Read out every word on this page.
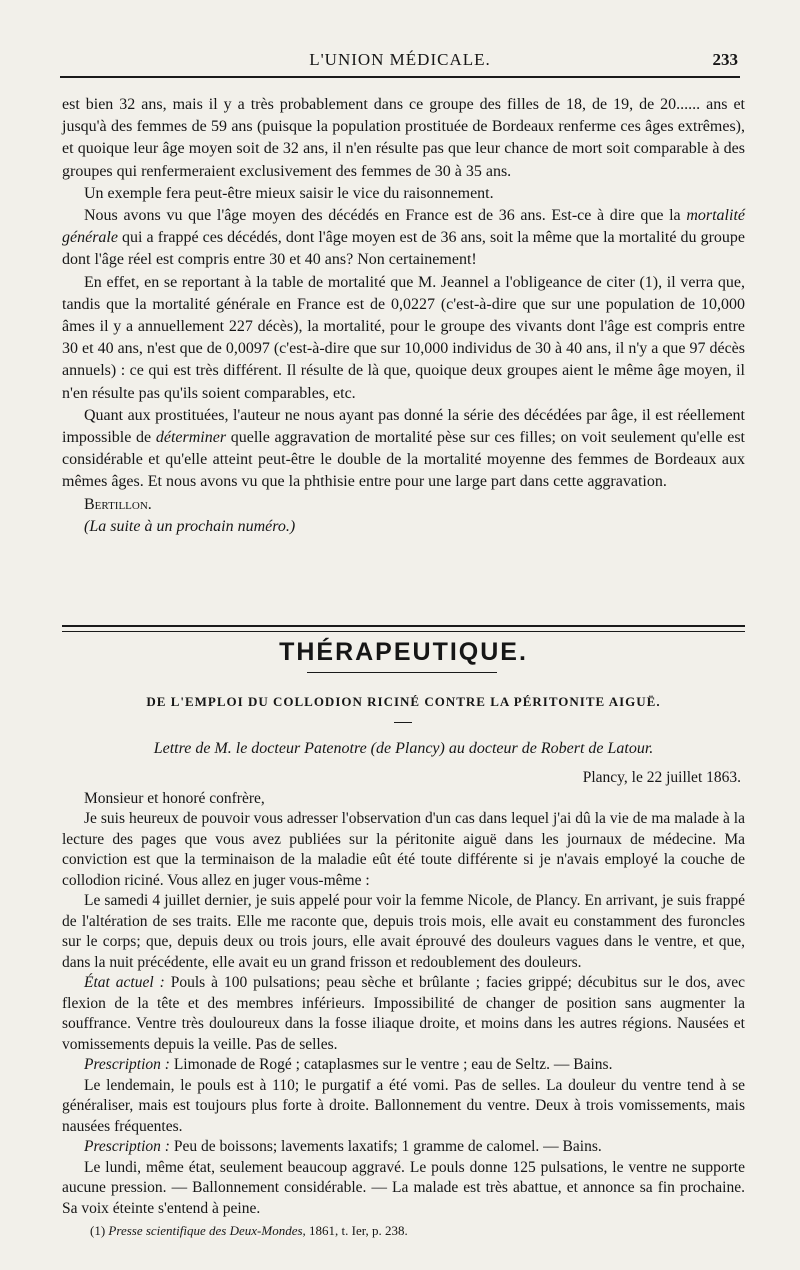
L'UNION MÉDICALE.	233

est bien 32 ans, mais il y a très probablement dans ce groupe des filles de 18, de 19, de 20...... ans et jusqu'à des femmes de 59 ans (puisque la population prostituée de Bordeaux renferme ces âges extrêmes), et quoique leur âge moyen soit de 32 ans, il n'en résulte pas que leur chance de mort soit comparable à des groupes qui renfermeraient exclusivement des femmes de 30 à 35 ans.

Un exemple fera peut-être mieux saisir le vice du raisonnement.

Nous avons vu que l'âge moyen des décédés en France est de 36 ans. Est-ce à dire que la mortalité générale qui a frappé ces décédés, dont l'âge moyen est de 36 ans, soit la même que la mortalité du groupe dont l'âge réel est compris entre 30 et 40 ans? Non certainement!

En effet, en se reportant à la table de mortalité que M. Jeannel a l'obligeance de citer (1), il verra que, tandis que la mortalité générale en France est de 0,0227 (c'est-à-dire que sur une population de 10,000 âmes il y a annuellement 227 décès), la mortalité, pour le groupe des vivants dont l'âge est compris entre 30 et 40 ans, n'est que de 0,0097 (c'est-à-dire que sur 10,000 individus de 30 à 40 ans, il n'y a que 97 décès annuels) : ce qui est très différent. Il résulte de là que, quoique deux groupes aient le même âge moyen, il n'en résulte pas qu'ils soient comparables, etc.

Quant aux prostituées, l'auteur ne nous ayant pas donné la série des décédées par âge, il est réellement impossible de déterminer quelle aggravation de mortalité pèse sur ces filles; on voit seulement qu'elle est considérable et qu'elle atteint peut-être le double de la mortalité moyenne des femmes de Bordeaux aux mêmes âges. Et nous avons vu que la phthisie entre pour une large part dans cette aggravation.

Bertillon.

(La suite à un prochain numéro.)

THÉRAPEUTIQUE.
DE L'EMPLOI DU COLLODION RICINÉ CONTRE LA PÉRITONITE AIGUË.
Lettre de M. le docteur Patenotre (de Plancy) au docteur de Robert de Latour.

Plancy, le 22 juillet 1863.

Monsieur et honoré confrère,

Je suis heureux de pouvoir vous adresser l'observation d'un cas dans lequel j'ai dû la vie de ma malade à la lecture des pages que vous avez publiées sur la péritonite aiguë dans les journaux de médecine. Ma conviction est que la terminaison de la maladie eût été toute différente si je n'avais employé la couche de collodion riciné. Vous allez en juger vous-même :

Le samedi 4 juillet dernier, je suis appelé pour voir la femme Nicole, de Plancy. En arrivant, je suis frappé de l'altération de ses traits. Elle me raconte que, depuis trois mois, elle avait eu constamment des furoncles sur le corps; que, depuis deux ou trois jours, elle avait éprouvé des douleurs vagues dans le ventre, et que, dans la nuit précédente, elle avait eu un grand frisson et redoublement des douleurs.

État actuel : Pouls à 100 pulsations; peau sèche et brûlante ; facies grippé; décubitus sur le dos, avec flexion de la tête et des membres inférieurs. Impossibilité de changer de position sans augmenter la souffrance. Ventre très douloureux dans la fosse iliaque droite, et moins dans les autres régions. Nausées et vomissements depuis la veille. Pas de selles.

Prescription : Limonade de Rogé ; cataplasmes sur le ventre ; eau de Seltz. — Bains.

Le lendemain, le pouls est à 110; le purgatif a été vomi. Pas de selles. La douleur du ventre tend à se généraliser, mais est toujours plus forte à droite. Ballonnement du ventre. Deux à trois vomissements, mais nausées fréquentes.

Prescription : Peu de boissons; lavements laxatifs; 1 gramme de calomel. — Bains.

Le lundi, même état, seulement beaucoup aggravé. Le pouls donne 125 pulsations, le ventre ne supporte aucune pression. — Ballonnement considérable. — La malade est très abattue, et annonce sa fin prochaine. Sa voix éteinte s'entend à peine.

(1) Presse scientifique des Deux-Mondes, 1861, t. Ier, p. 238.
